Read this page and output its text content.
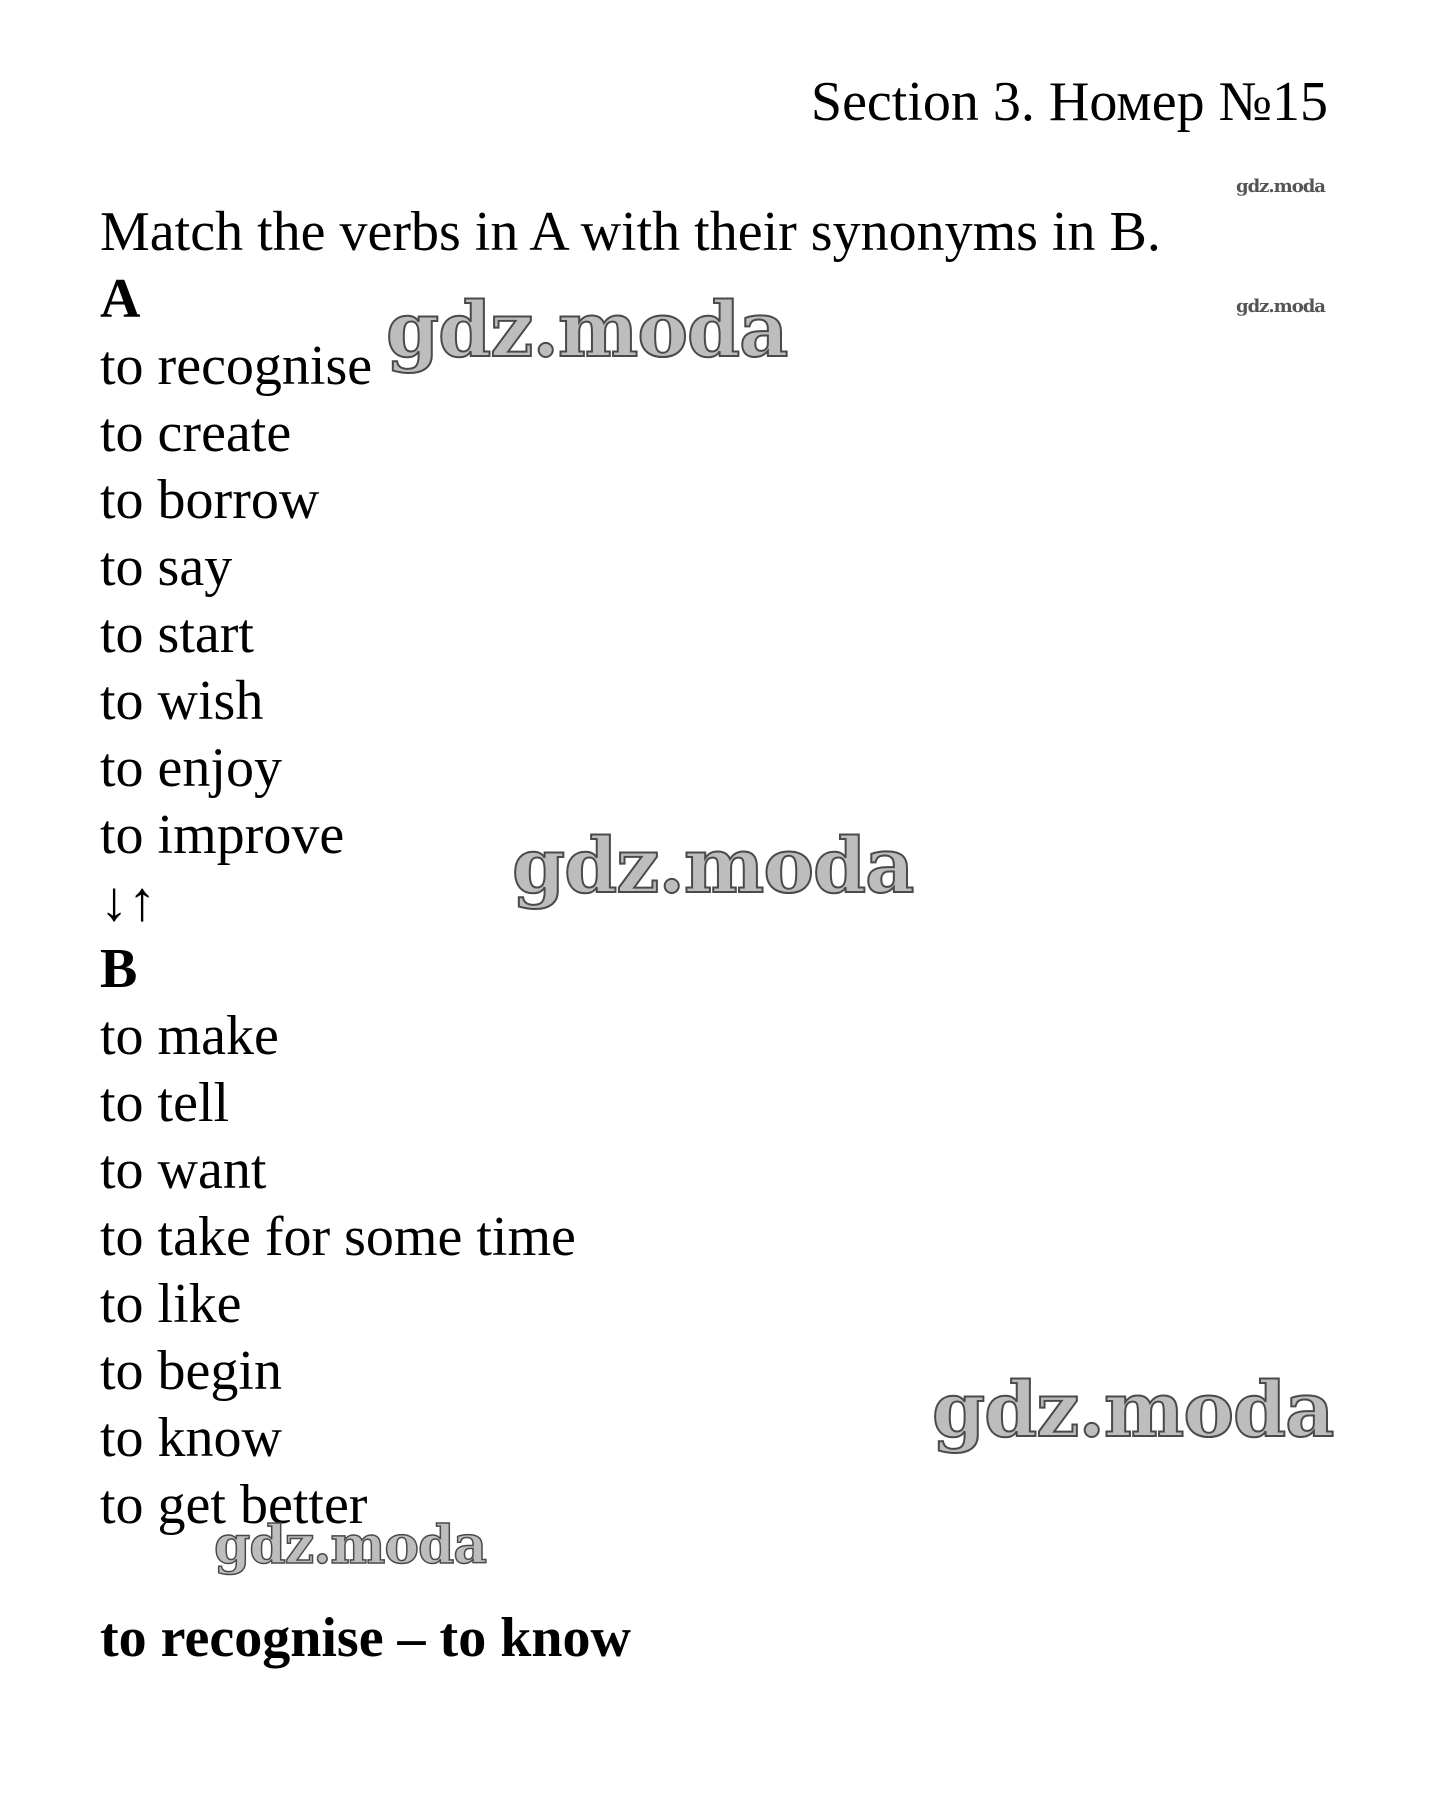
Section 3. Номер №15
Match the verbs in A with their synonyms in B.
A
to recognise
to create
to borrow
to say
to start
to wish
to enjoy
to improve
↓↑
B
to make
to tell
to want
to take for some time
to like
to begin
to know
to get better
to recognise – to know
gdz.moda
gdz.moda
gdz.moda
gdz.moda
gdz.moda
gdz.moda
